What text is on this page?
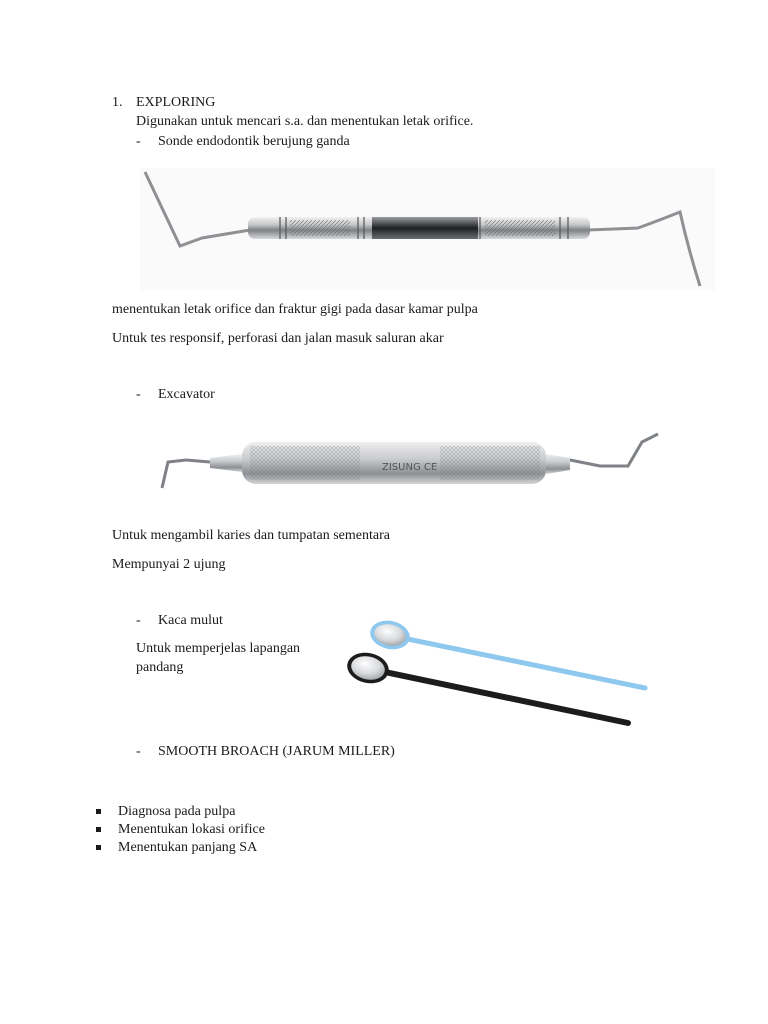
1. EXPLORING
Digunakan untuk mencari s.a. dan menentukan letak orifice.
- Sonde endodontik berujung ganda
menentukan letak orifice dan fraktur gigi pada dasar kamar pulpa
Untuk tes responsif, perforasi dan jalan masuk saluran akar
- Excavator
ZISUNG CE
Untuk mengambil karies dan tumpatan sementara
Mempunyai 2 ujung
- Kaca mulut
Untuk memperjelas lapangan
pandang
- SMOOTH BROACH (JARUM MILLER)
Diagnosa pada pulpa
Menentukan lokasi orifice
Menentukan panjang SA
